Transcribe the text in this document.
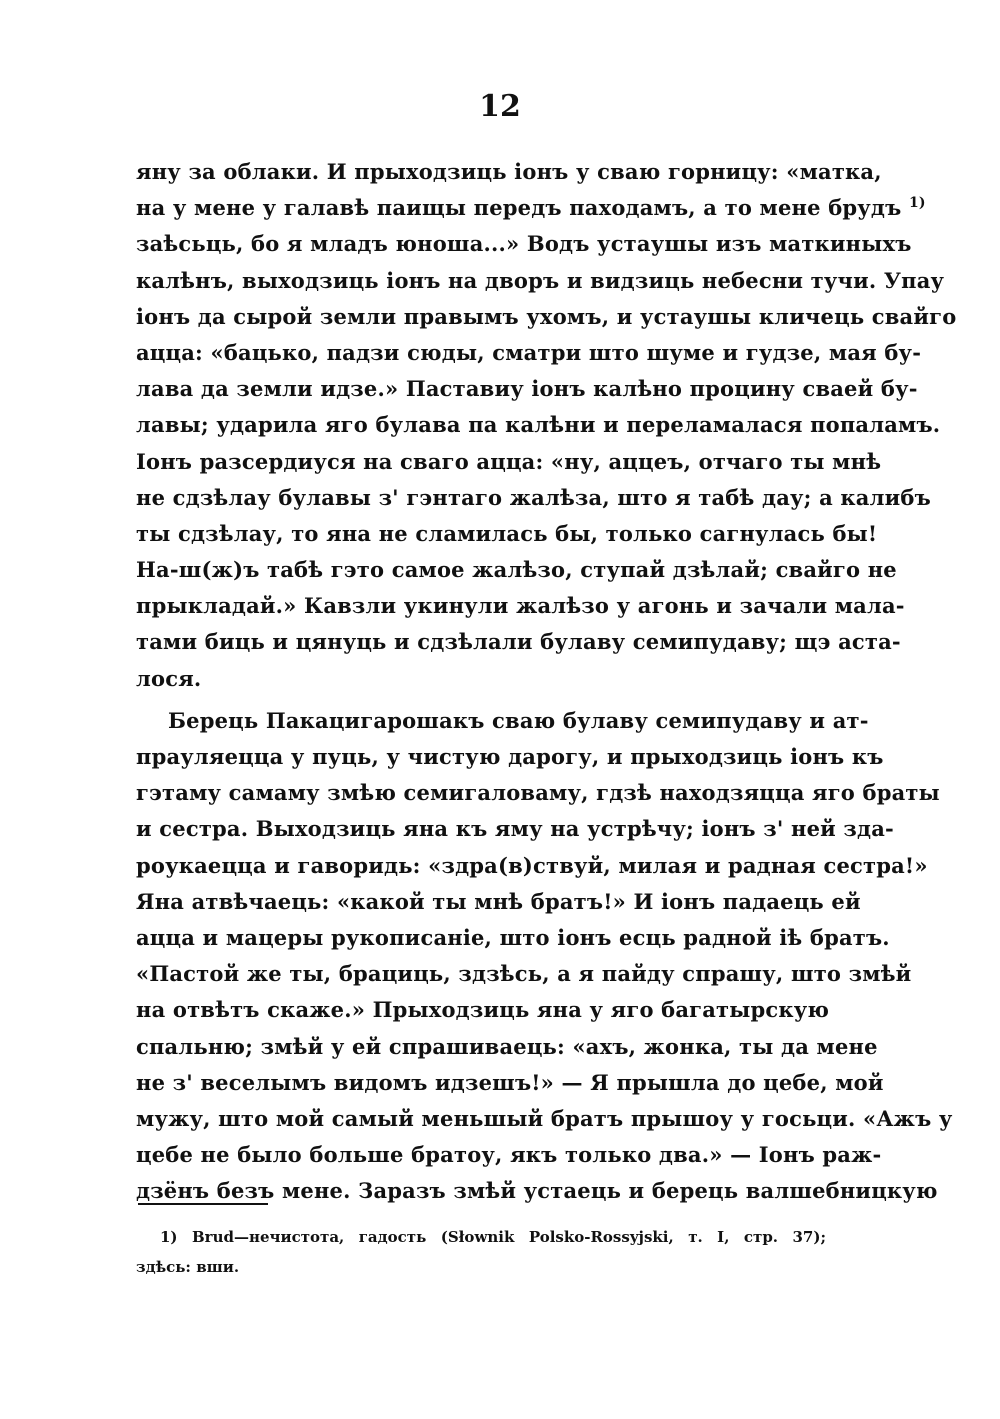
12
яну за облаки. И прыходзиць іонъ у сваю горницу: «матка,
на у мене у галавѣ паищы передъ паходамъ, а то мене брудъ $^{1)}$
заѣсьць, бо я младъ юноша...» Водъ устаушы изъ маткиныхъ
калѣнъ, выходзиць іонъ на дворъ и видзиць небесни тучи. Упау
іонъ да сырой земли правымъ ухомъ, и устаушы кличець свайго
аццa: «бацько, падзи сюды, сматри што шуме и гудзе, мая бу-
лава да земли идзе.» Паставиу іонъ калѣно процину сваей бу-
лавы; ударила яго булава па калѣни и переламалася попаламъ.
Іонъ разсердиуся на сваго аццa: «ну, аццeъ, отчаго ты мнѣ
не сдзѣлау булавы з' гэнтагo жалѣза, што я табѣ дау; а калибъ
ты сдзѣлау, то яна не сламилась бы, только сагнулась бы!
На-ш(ж)ъ табѣ гэто самое жалѣзо, ступай дзѣлай; свайго не
прыкладай.» Кавзли укинули жалѣзо у агонь и зачали мала-
тами биць и цянуць и сдзѣлали булаву семипудаву; щэ аста-
лося.
Берець Пакацигарошакъ сваю булаву семипудаву и ат-
прауляецца у пуць, у чистую дарогу, и прыходзиць іонъ къ
гэтаму самаму змѣю семигаловаму, гдзѣ находзяцца яго браты
и сестра. Выходзиць яна къ яму на устрѣчу; іонъ з' ней зда-
роукаецца и гаворидь: «здра(в)ствуй, милая и радная сестра!»
Яна атвѣчаець: «какой ты мнѣ братъ!» И іонъ падаець ей
аццa и мацеры рукописаніе, што іонъ есць радной іѣ братъ.
«Пастой же ты, брациць, здзѣсь, а я пайду спрашу, што змѣй
на отвѣтъ скаже.» Прыходзиць яна у яго багатырскую
спальню; змѣй у ей спрашиваець: «ахъ, жонка, ты да мене
не з' веселымъ видомъ идзешъ!» — Я прышла до цебе, мой
мужу, што мой самый меньшый братъ прышоу у госьци. «Ажъ у
цебе не было больше братоу, якъ только два.» — Іонъ раж-
дзёнъ безъ мене. Заразъ змѣй устаець и берець валшебницкую
1) Brud—нечистота, гадость (Słownik Polsko-Rossyjski, т. I, стр. 37);
здѣсь: вши.
